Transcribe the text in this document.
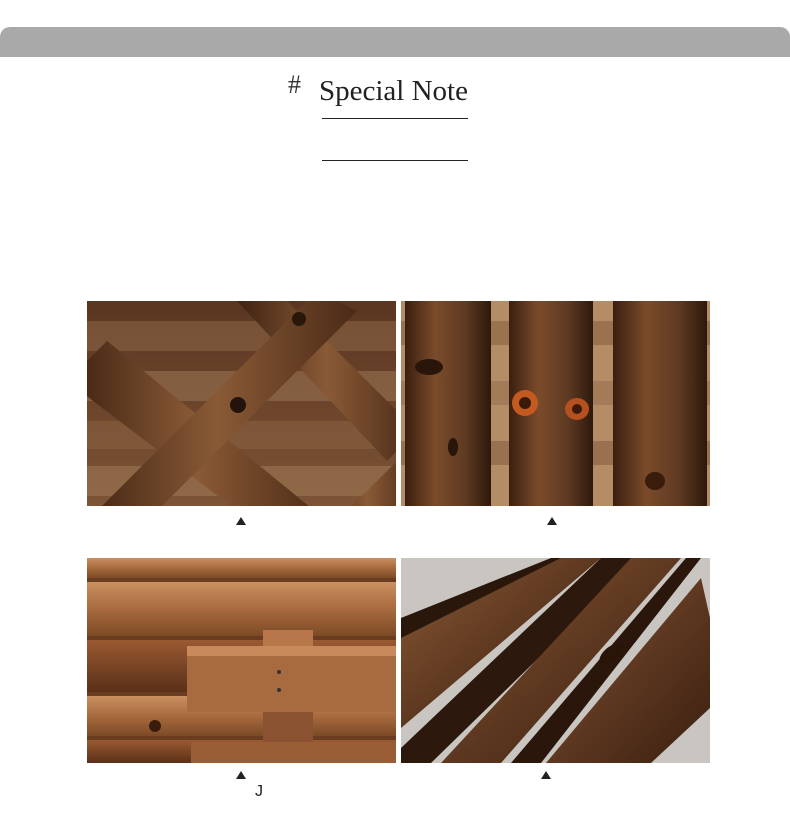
# Special Note
J
